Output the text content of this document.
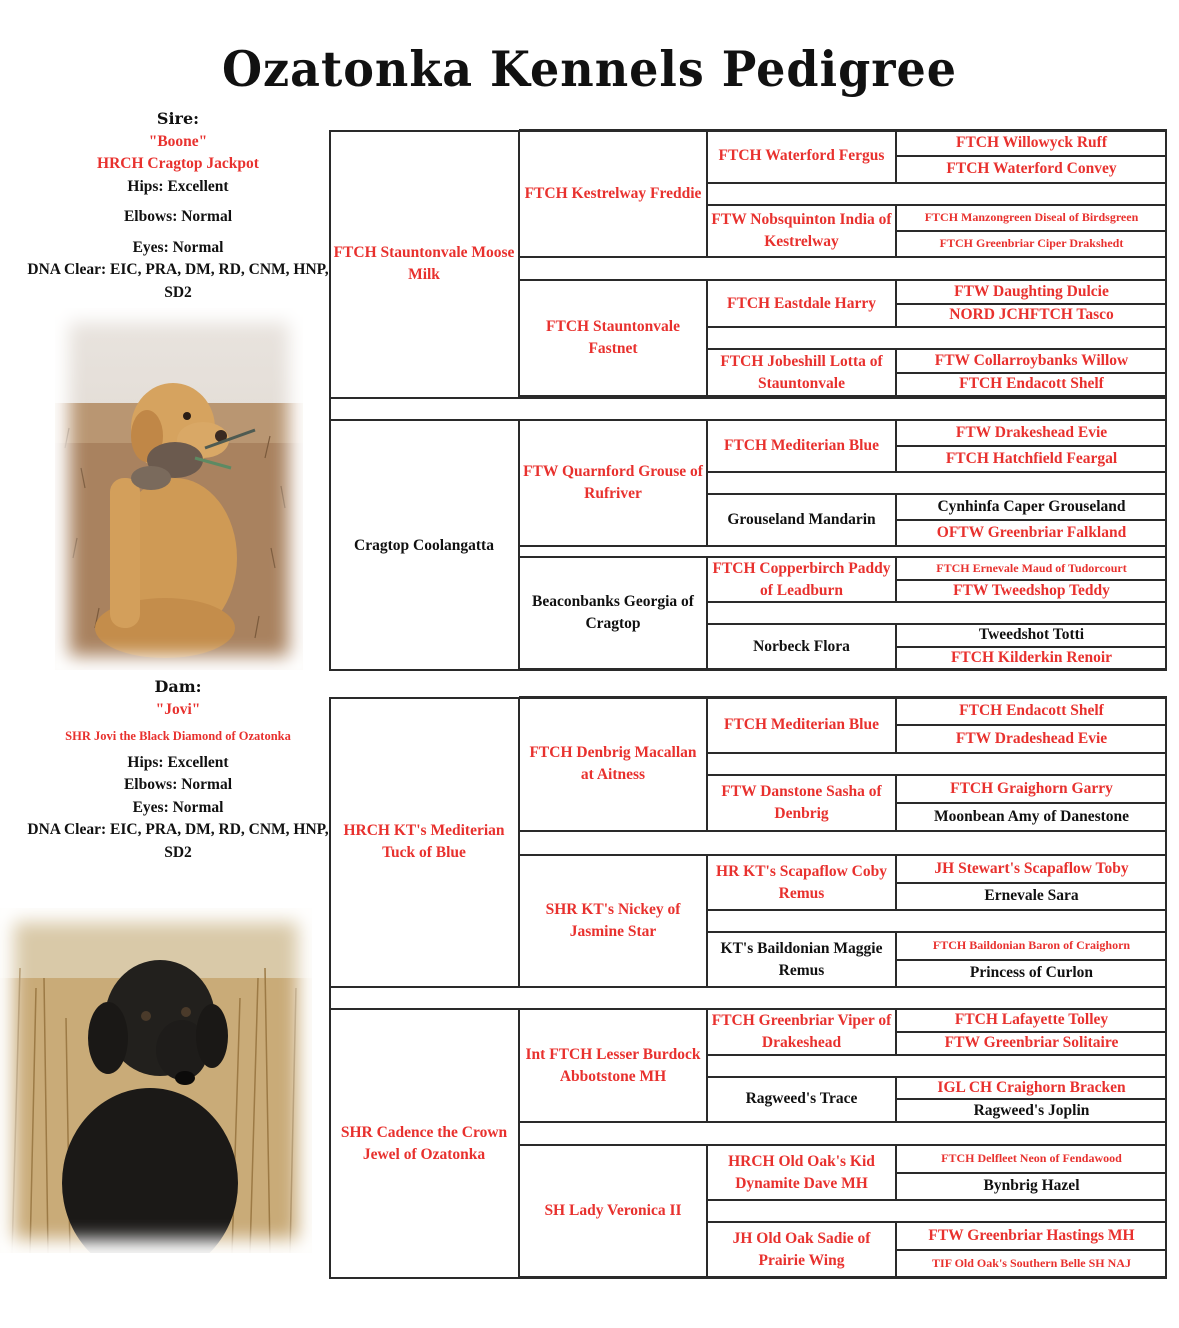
Ozatonka Kennels Pedigree
Sire:
"Boone"
HRCH Cragtop Jackpot
Hips: Excellent
Elbows: Normal
Eyes: Normal
DNA Clear: EIC, PRA, DM, RD, CNM, HNP, SD2
Dam:
"Jovi"
SHR Jovi the Black Diamond of Ozatonka
Hips: Excellent
Elbows: Normal
Eyes: Normal
DNA Clear: EIC, PRA, DM, RD, CNM, HNP, SD2
FTCH Stauntonvale Moose Milk
FTCH Kestrelway Freddie
FTCH Waterford Fergus
FTCH Willowyck Ruff
FTCH Waterford Convey
FTW Nobsquinton India of Kestrelway
FTCH Manzongreen Diseal of Birdsgreen
FTCH Greenbriar Ciper Drakshedt
FTCH Stauntonvale Fastnet
FTCH Eastdale Harry
FTW Daughting Dulcie
NORD JCHFTCH Tasco
FTCH Jobeshill Lotta of Stauntonvale
FTW Collarroybanks Willow
FTCH Endacott Shelf
Cragtop Coolangatta
FTW Quarnford Grouse of Rufriver
FTCH Mediterian Blue
FTW Drakeshead Evie
FTCH Hatchfield Feargal
Grouseland Mandarin
Cynhinfa Caper Grouseland
OFTW Greenbriar Falkland
Beaconbanks Georgia of Cragtop
FTCH Copperbirch Paddy of Leadburn
FTCH Ernevale Maud of Tudorcourt
FTW Tweedshop Teddy
Norbeck Flora
Tweedshot Totti
FTCH Kilderkin Renoir
HRCH KT's Mediterian Tuck of Blue
FTCH Denbrig Macallan at Aitness
FTCH Mediterian Blue
FTCH Endacott Shelf
FTW Dradeshead Evie
FTW Danstone Sasha of Denbrig
FTCH Graighorn Garry
Moonbean Amy of Danestone
SHR KT's Nickey of Jasmine Star
HR KT's Scapaflow Coby Remus
JH Stewart's Scapaflow Toby
Ernevale Sara
KT's Baildonian Maggie Remus
FTCH Baildonian Baron of Craighorn
Princess of Curlon
SHR Cadence the Crown Jewel of Ozatonka
Int FTCH Lesser Burdock Abbotstone MH
FTCH Greenbriar Viper of Drakeshead
FTCH Lafayette Tolley
FTW Greenbriar Solitaire
Ragweed's Trace
IGL CH Craighorn Bracken
Ragweed's Joplin
SH Lady Veronica II
HRCH Old Oak's Kid Dynamite Dave MH
FTCH Delfleet Neon of Fendawood
Bynbrig Hazel
JH Old Oak Sadie of Prairie Wing
FTW Greenbriar Hastings MH
TIF Old Oak's Southern Belle SH NAJ
